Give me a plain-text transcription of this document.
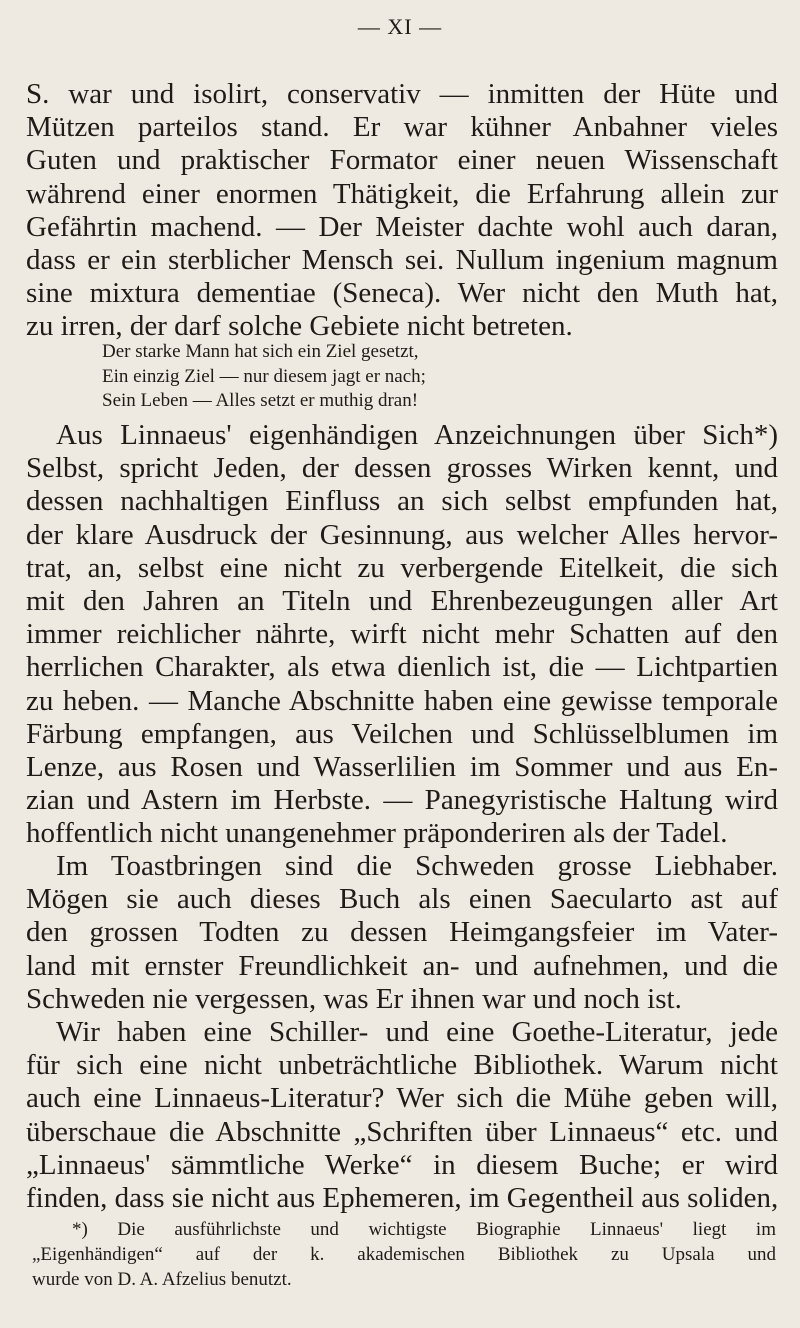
— XI —
S. war und isolirt, conservativ — inmitten der Hüte und
Mützen parteilos stand. Er war kühner Anbahner vieles
Guten und praktischer Formator einer neuen Wissenschaft
während einer enormen Thätigkeit, die Erfahrung allein zur
Gefährtin machend. — Der Meister dachte wohl auch daran,
dass er ein sterblicher Mensch sei. Nullum ingenium magnum
sine mixtura dementiae (Seneca). Wer nicht den Muth hat,
zu irren, der darf solche Gebiete nicht betreten.
Der starke Mann hat sich ein Ziel gesetzt,
Ein einzig Ziel — nur diesem jagt er nach;
Sein Leben — Alles setzt er muthig dran!
Aus Linnaeus' eigenhändigen Anzeichnungen über Sich*)
Selbst, spricht Jeden, der dessen grosses Wirken kennt, und
dessen nachhaltigen Einfluss an sich selbst empfunden hat,
der klare Ausdruck der Gesinnung, aus welcher Alles hervor-
trat, an, selbst eine nicht zu verbergende Eitelkeit, die sich
mit den Jahren an Titeln und Ehrenbezeugungen aller Art
immer reichlicher nährte, wirft nicht mehr Schatten auf den
herrlichen Charakter, als etwa dienlich ist, die — Lichtpartien
zu heben. — Manche Abschnitte haben eine gewisse temporale
Färbung empfangen, aus Veilchen und Schlüsselblumen im
Lenze, aus Rosen und Wasserlilien im Sommer und aus En-
zian und Astern im Herbste. — Panegyristische Haltung wird
hoffentlich nicht unangenehmer präponderiren als der Tadel.
Im Toastbringen sind die Schweden grosse Liebhaber.
Mögen sie auch dieses Buch als einen Saecularto ast auf
den grossen Todten zu dessen Heimgangsfeier im Vater-
land mit ernster Freundlichkeit an- und aufnehmen, und die
Schweden nie vergessen, was Er ihnen war und noch ist.
Wir haben eine Schiller- und eine Goethe-Literatur, jede
für sich eine nicht unbeträchtliche Bibliothek. Warum nicht
auch eine Linnaeus-Literatur? Wer sich die Mühe geben will,
überschaue die Abschnitte „Schriften über Linnaeus“ etc. und
„Linnaeus' sämmtliche Werke“ in diesem Buche; er wird
finden, dass sie nicht aus Ephemeren, im Gegentheil aus soliden,
*) Die ausführlichste und wichtigste Biographie Linnaeus' liegt im
„Eigenhändigen“ auf der k. akademischen Bibliothek zu Upsala und
wurde von D. A. Afzelius benutzt.
